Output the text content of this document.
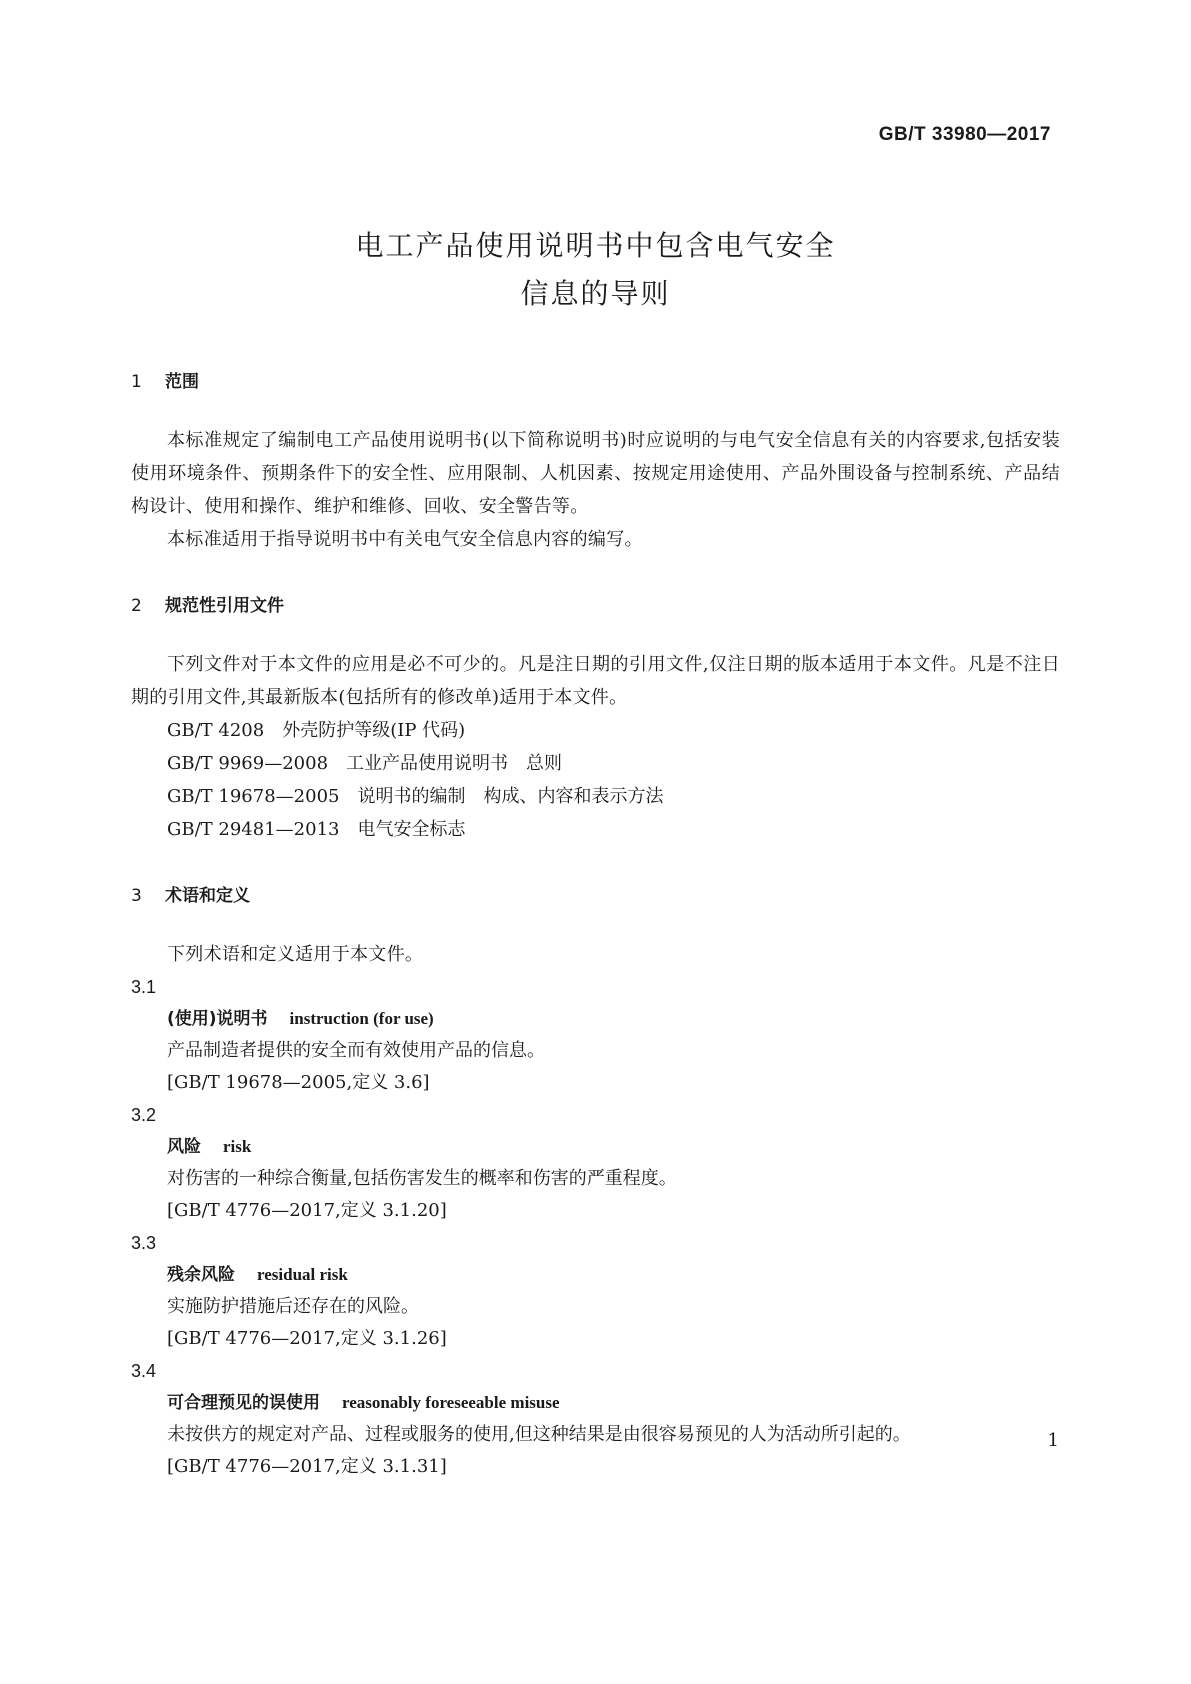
GB/T 33980—2017
电工产品使用说明书中包含电气安全
信息的导则
1 范围
本标准规定了编制电工产品使用说明书(以下简称说明书)时应说明的与电气安全信息有关的内容要求,包括安装使用环境条件、预期条件下的安全性、应用限制、人机因素、按规定用途使用、产品外围设备与控制系统、产品结构设计、使用和操作、维护和维修、回收、安全警告等。
本标准适用于指导说明书中有关电气安全信息内容的编写。
2 规范性引用文件
下列文件对于本文件的应用是必不可少的。凡是注日期的引用文件,仅注日期的版本适用于本文件。凡是不注日期的引用文件,其最新版本(包括所有的修改单)适用于本文件。
GB/T 4208 外壳防护等级(IP 代码)
GB/T 9969—2008 工业产品使用说明书　总则
GB/T 19678—2005 说明书的编制　构成、内容和表示方法
GB/T 29481—2013 电气安全标志
3 术语和定义
下列术语和定义适用于本文件。
3.1
(使用)说明书 instruction (for use)
产品制造者提供的安全而有效使用产品的信息。
[GB/T 19678—2005,定义 3.6]
3.2
风险 risk
对伤害的一种综合衡量,包括伤害发生的概率和伤害的严重程度。
[GB/T 4776—2017,定义 3.1.20]
3.3
残余风险 residual risk
实施防护措施后还存在的风险。
[GB/T 4776—2017,定义 3.1.26]
3.4
可合理预见的误使用 reasonably foreseeable misuse
未按供方的规定对产品、过程或服务的使用,但这种结果是由很容易预见的人为活动所引起的。
[GB/T 4776—2017,定义 3.1.31]
1
